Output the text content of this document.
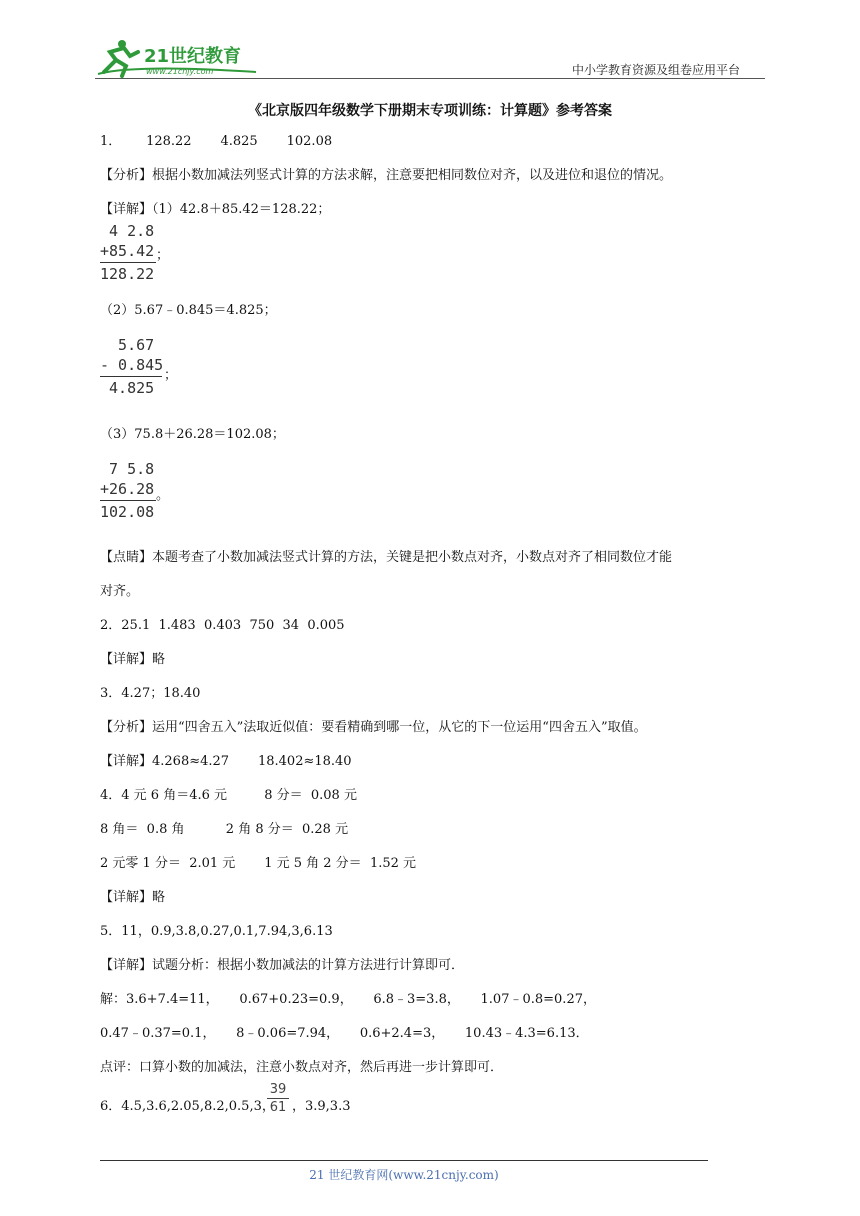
21世纪教育
www.21cnjy.com	中小学教育资源及组卷应用平台
《北京版四年级数学下册期末专项训练：计算题》参考答案
1．      128.22       4.825       102.08
【分析】根据小数加减法列竖式计算的方法求解，注意要把相同数位对齐，以及进位和退位的情况。
【详解】（1）42.8＋85.42＝128.22；
4 2.8
+85.42
128.22
；
（2）5.67﹣0.845＝4.825；
5.67
- 0.845
4.825
；
（3）75.8＋26.28＝102.08；
7 5.8
+26.28
102.08
。
【点睛】本题考查了小数加减法竖式计算的方法，关键是把小数点对齐，小数点对齐了相同数位才能
对齐。
2．25.1  1.483  0.403  750  34  0.005
【详解】略
3．4.27；18.40
【分析】运用“四舍五入”法取近似值：要看精确到哪一位，从它的下一位运用“四舍五入”取值。
【详解】4.268≈4.27       18.402≈18.40
4．4 元 6 角＝4.6 元         8 分＝  0.08 元
8 角＝  0.8 角          2 角 8 分＝  0.28 元
2 元零 1 分＝  2.01 元       1 元 5 角 2 分＝  1.52 元
【详解】略
5．11，0.9,3.8,0.27,0.1,7.94,3,6.13
【详解】试题分析：根据小数加减法的计算方法进行计算即可．
解：3.6+7.4=11，     0.67+0.23=0.9，     6.8﹣3=3.8，     1.07﹣0.8=0.27，
0.47﹣0.37=0.1，     8﹣0.06=7.94，     0.6+2.4=3，     10.43﹣4.3=6.13．
点评：口算小数的加减法，注意小数点对齐，然后再进一步计算即可．
6．4.5,3.6,2.05,8.2,0.5,3，
39
61 ，3.9,3.3
21 世纪教育网(www.21cnjy.com)
